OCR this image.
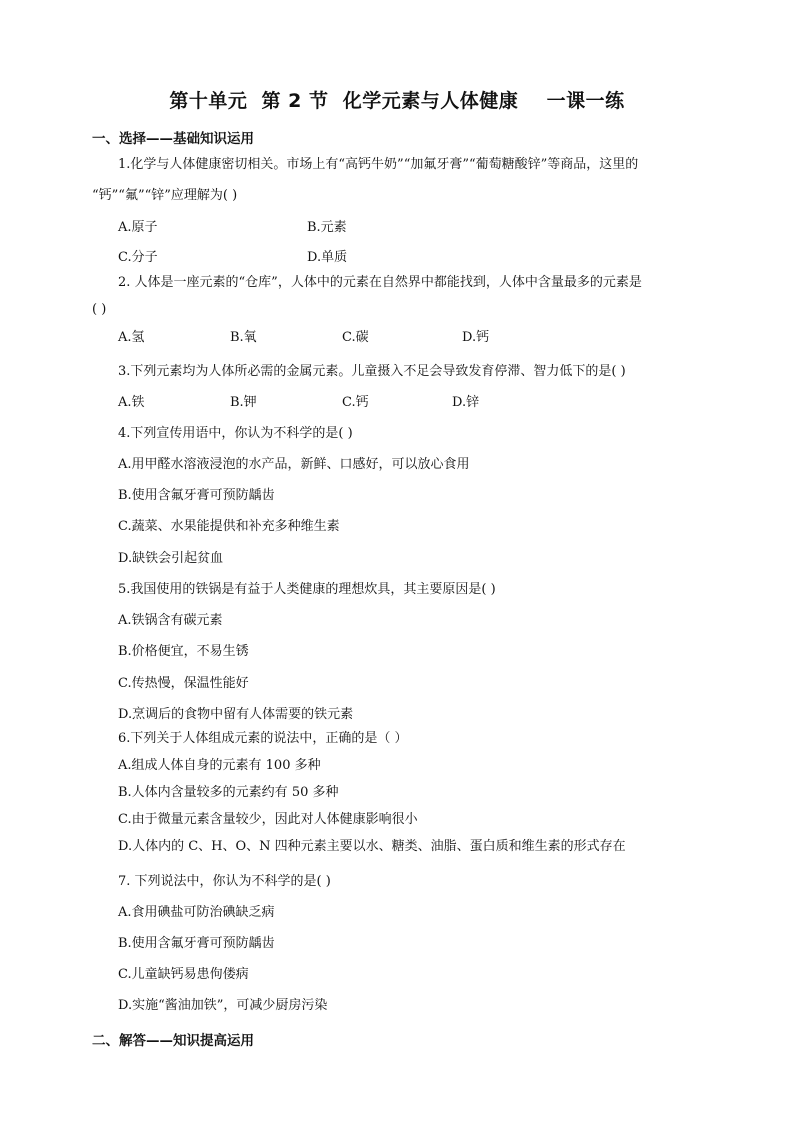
第十单元  第 2 节  化学元素与人体健康    一课一练
一、选择——基础知识运用
1.化学与人体健康密切相关。市场上有“高钙牛奶”“加氟牙膏”“葡萄糖酸锌”等商品，这里的
“钙”“氟”“锌”应理解为( )
A.原子	B.元素
C.分子	D.单质
2. 人体是一座元素的“仓库”，人体中的元素在自然界中都能找到，人体中含量最多的元素是
( )
A.氢	B.氧	C.碳	D.钙
3.下列元素均为人体所必需的金属元素。儿童摄入不足会导致发育停滞、智力低下的是( )
A.铁	B.钾	C.钙	D.锌
4.下列宣传用语中，你认为不科学的是( )
A.用甲醛水溶液浸泡的水产品，新鲜、口感好，可以放心食用
B.使用含氟牙膏可预防龋齿
C.蔬菜、水果能提供和补充多种维生素
D.缺铁会引起贫血
5.我国使用的铁锅是有益于人类健康的理想炊具，其主要原因是( )
A.铁锅含有碳元素
B.价格便宜，不易生锈
C.传热慢，保温性能好
D.烹调后的食物中留有人体需要的铁元素
6.下列关于人体组成元素的说法中，正确的是（ ）
A.组成人体自身的元素有 100 多种
B.人体内含量较多的元素约有 50 多种
C.由于微量元素含量较少，因此对人体健康影响很小
D.人体内的 C、H、O、N 四种元素主要以水、糖类、油脂、蛋白质和维生素的形式存在
7. 下列说法中，你认为不科学的是( )
A.食用碘盐可防治碘缺乏病
B.使用含氟牙膏可预防龋齿
C.儿童缺钙易患佝偻病
D.实施“酱油加铁”，可减少厨房污染
二、解答——知识提高运用
